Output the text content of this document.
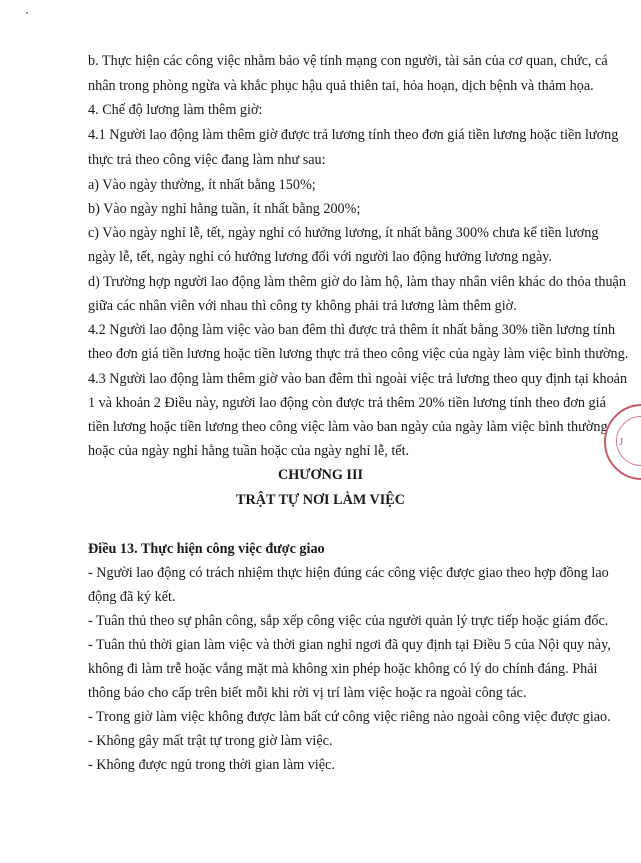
b. Thực hiện các công việc nhằm bảo vệ tính mạng con người, tài sản của cơ quan, chức, cá
nhân trong phòng ngừa và khắc phục hậu quả thiên tai, hỏa hoạn, dịch bệnh và thảm họa.
4. Chế độ lương làm thêm giờ:
4.1 Người lao động làm thêm giờ được trả lương tính theo đơn giá tiền lương hoặc tiền lương
thực trả theo công việc đang làm như sau:
a) Vào ngày thường, ít nhất bằng 150%;
b) Vào ngày nghỉ hằng tuần, ít nhất bằng 200%;
c) Vào ngày nghỉ lễ, tết, ngày nghỉ có hưởng lương, ít nhất bằng 300% chưa kể tiền lương
ngày lễ, tết, ngày nghỉ có hưởng lương đối với người lao động hưởng lương ngày.
d) Trường hợp người lao động làm thêm giờ do làm hộ, làm thay nhân viên khác do thỏa thuận
giữa các nhân viên với nhau thì công ty không phải trả lương làm thêm giờ.
4.2 Người lao động làm việc vào ban đêm thì được trả thêm ít nhất bằng 30% tiền lương tính
theo đơn giá tiền lương hoặc tiền lương thực trả theo công việc của ngày làm việc bình thường.
4.3 Người lao động làm thêm giờ vào ban đêm thì ngoài việc trả lương theo quy định tại khoản
1 và khoản 2 Điều này, người lao động còn được trả thêm 20% tiền lương tính theo đơn giá
tiền lương hoặc tiền lương theo công việc làm vào ban ngày của ngày làm việc bình thường
hoặc của ngày nghỉ hằng tuần hoặc của ngày nghỉ lễ, tết.
CHƯƠNG III
TRẬT TỰ NƠI LÀM VIỆC
Điều 13. Thực hiện công việc được giao
- Người lao động có trách nhiệm thực hiện đúng các công việc được giao theo hợp đồng lao
động đã ký kết.
- Tuân thủ theo sự phân công, sắp xếp công việc của người quản lý trực tiếp hoặc giám đốc.
- Tuân thủ thời gian làm việc và thời gian nghỉ ngơi đã quy định tại Điều 5 của Nội quy này,
không đi làm trễ hoặc vắng mặt mà không xin phép hoặc không có lý do chính đáng. Phải
thông báo cho cấp trên biết mỗi khi rời vị trí làm việc hoặc ra ngoài công tác.
- Trong giờ làm việc không được làm bất cứ công việc riêng nào ngoài công việc được giao.
- Không gây mất trật tự trong giờ làm việc.
- Không được ngủ trong thời gian làm việc.
J
